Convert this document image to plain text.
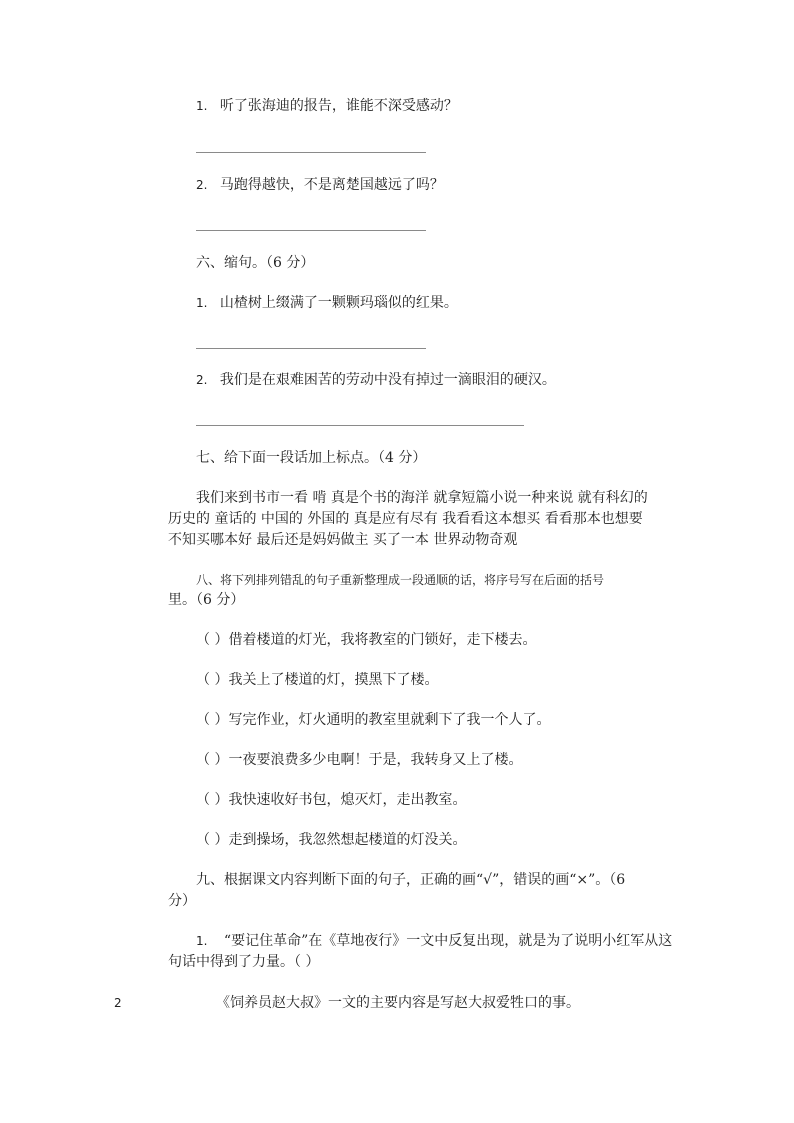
1. 听了张海迪的报告，谁能不深受感动？
2. 马跑得越快，不是离楚国越远了吗？
六、缩句。（6 分）
1. 山楂树上缀满了一颗颗玛瑙似的红果。
2. 我们是在艰难困苦的劳动中没有掉过一滴眼泪的硬汉。
七、给下面一段话加上标点。（4 分）
我们来到书市一看 啃 真是个书的海洋 就拿短篇小说一种来说 就有科幻的
历史的 童话的 中国的 外国的 真是应有尽有 我看看这本想买 看看那本也想要
不知买哪本好 最后还是妈妈做主 买了一本 世界动物奇观
八、将下列排列错乱的句子重新整理成一段通顺的话，将序号写在后面的括号
里。（6 分）
（ ）借着楼道的灯光，我将教室的门锁好，走下楼去。
（ ）我关上了楼道的灯，摸黑下了楼。
（ ）写完作业，灯火通明的教室里就剩下了我一个人了。
（ ）一夜要浪费多少电啊！于是，我转身又上了楼。
（ ）我快速收好书包，熄灭灯，走出教室。
（ ）走到操场，我忽然想起楼道的灯没关。
九、根据课文内容判断下面的句子，正确的画“√”，错误的画“×”。（6
分）
1. “要记住革命”在《草地夜行》一文中反复出现，就是为了说明小红军从这
句话中得到了力量。（ ）
2	《饲养员赵大叔》一文的主要内容是写赵大叔爱牲口的事。
